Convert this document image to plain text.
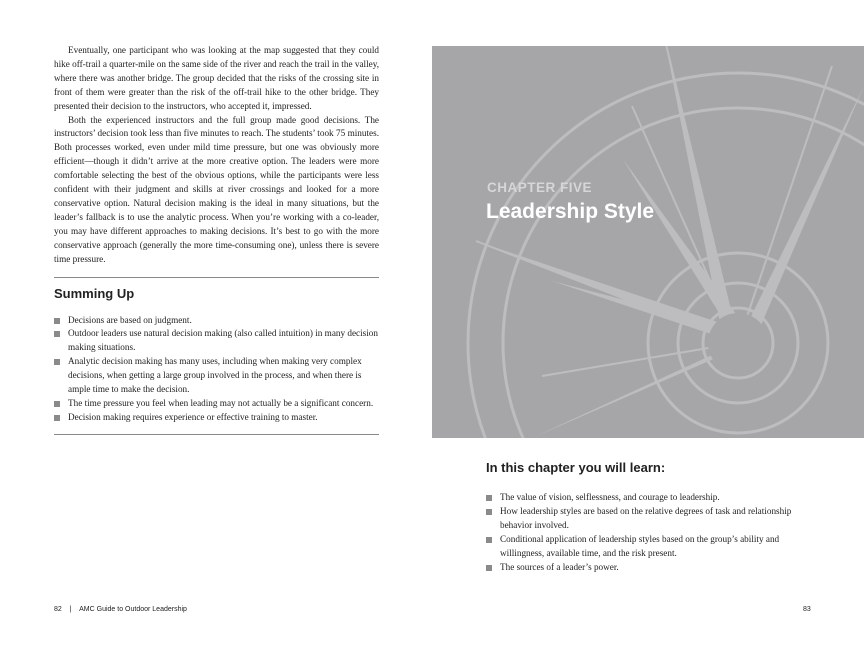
Eventually, one participant who was looking at the map suggested that they could hike off-trail a quarter-mile on the same side of the river and reach the trail in the valley, where there was another bridge. The group decided that the risks of the crossing site in front of them were greater than the risk of the off-trail hike to the other bridge. They presented their decision to the instructors, who accepted it, impressed.

Both the experienced instructors and the full group made good decisions. The instructors’ decision took less than five minutes to reach. The students’ took 75 minutes. Both processes worked, even under mild time pressure, but one was obviously more efficient—though it didn’t arrive at the more creative option. The leaders were more comfortable selecting the best of the obvious options, while the participants were less confident with their judgment and skills at river crossings and looked for a more conservative option. Natural decision making is the ideal in many situations, but the leader’s fallback is to use the analytic process. When you’re working with a co-leader, you may have different approaches to making decisions. It’s best to go with the more conservative approach (generally the more time-consuming one), unless there is severe time pressure.

Summing Up
Decisions are based on judgment.
Outdoor leaders use natural decision making (also called intuition) in many decision making situations.
Analytic decision making has many uses, including when making very complex decisions, when getting a large group involved in the process, and when there is ample time to make the decision.
The time pressure you feel when leading may not actually be a significant concern.
Decision making requires experience or effective training to master.
82 | AMC Guide to Outdoor Leadership
CHAPTER FIVE
Leadership Style
In this chapter you will learn:
The value of vision, selflessness, and courage to leadership.
How leadership styles are based on the relative degrees of task and relationship behavior involved.
Conditional application of leadership styles based on the group’s ability and willingness, available time, and the risk present.
The sources of a leader’s power.
83
